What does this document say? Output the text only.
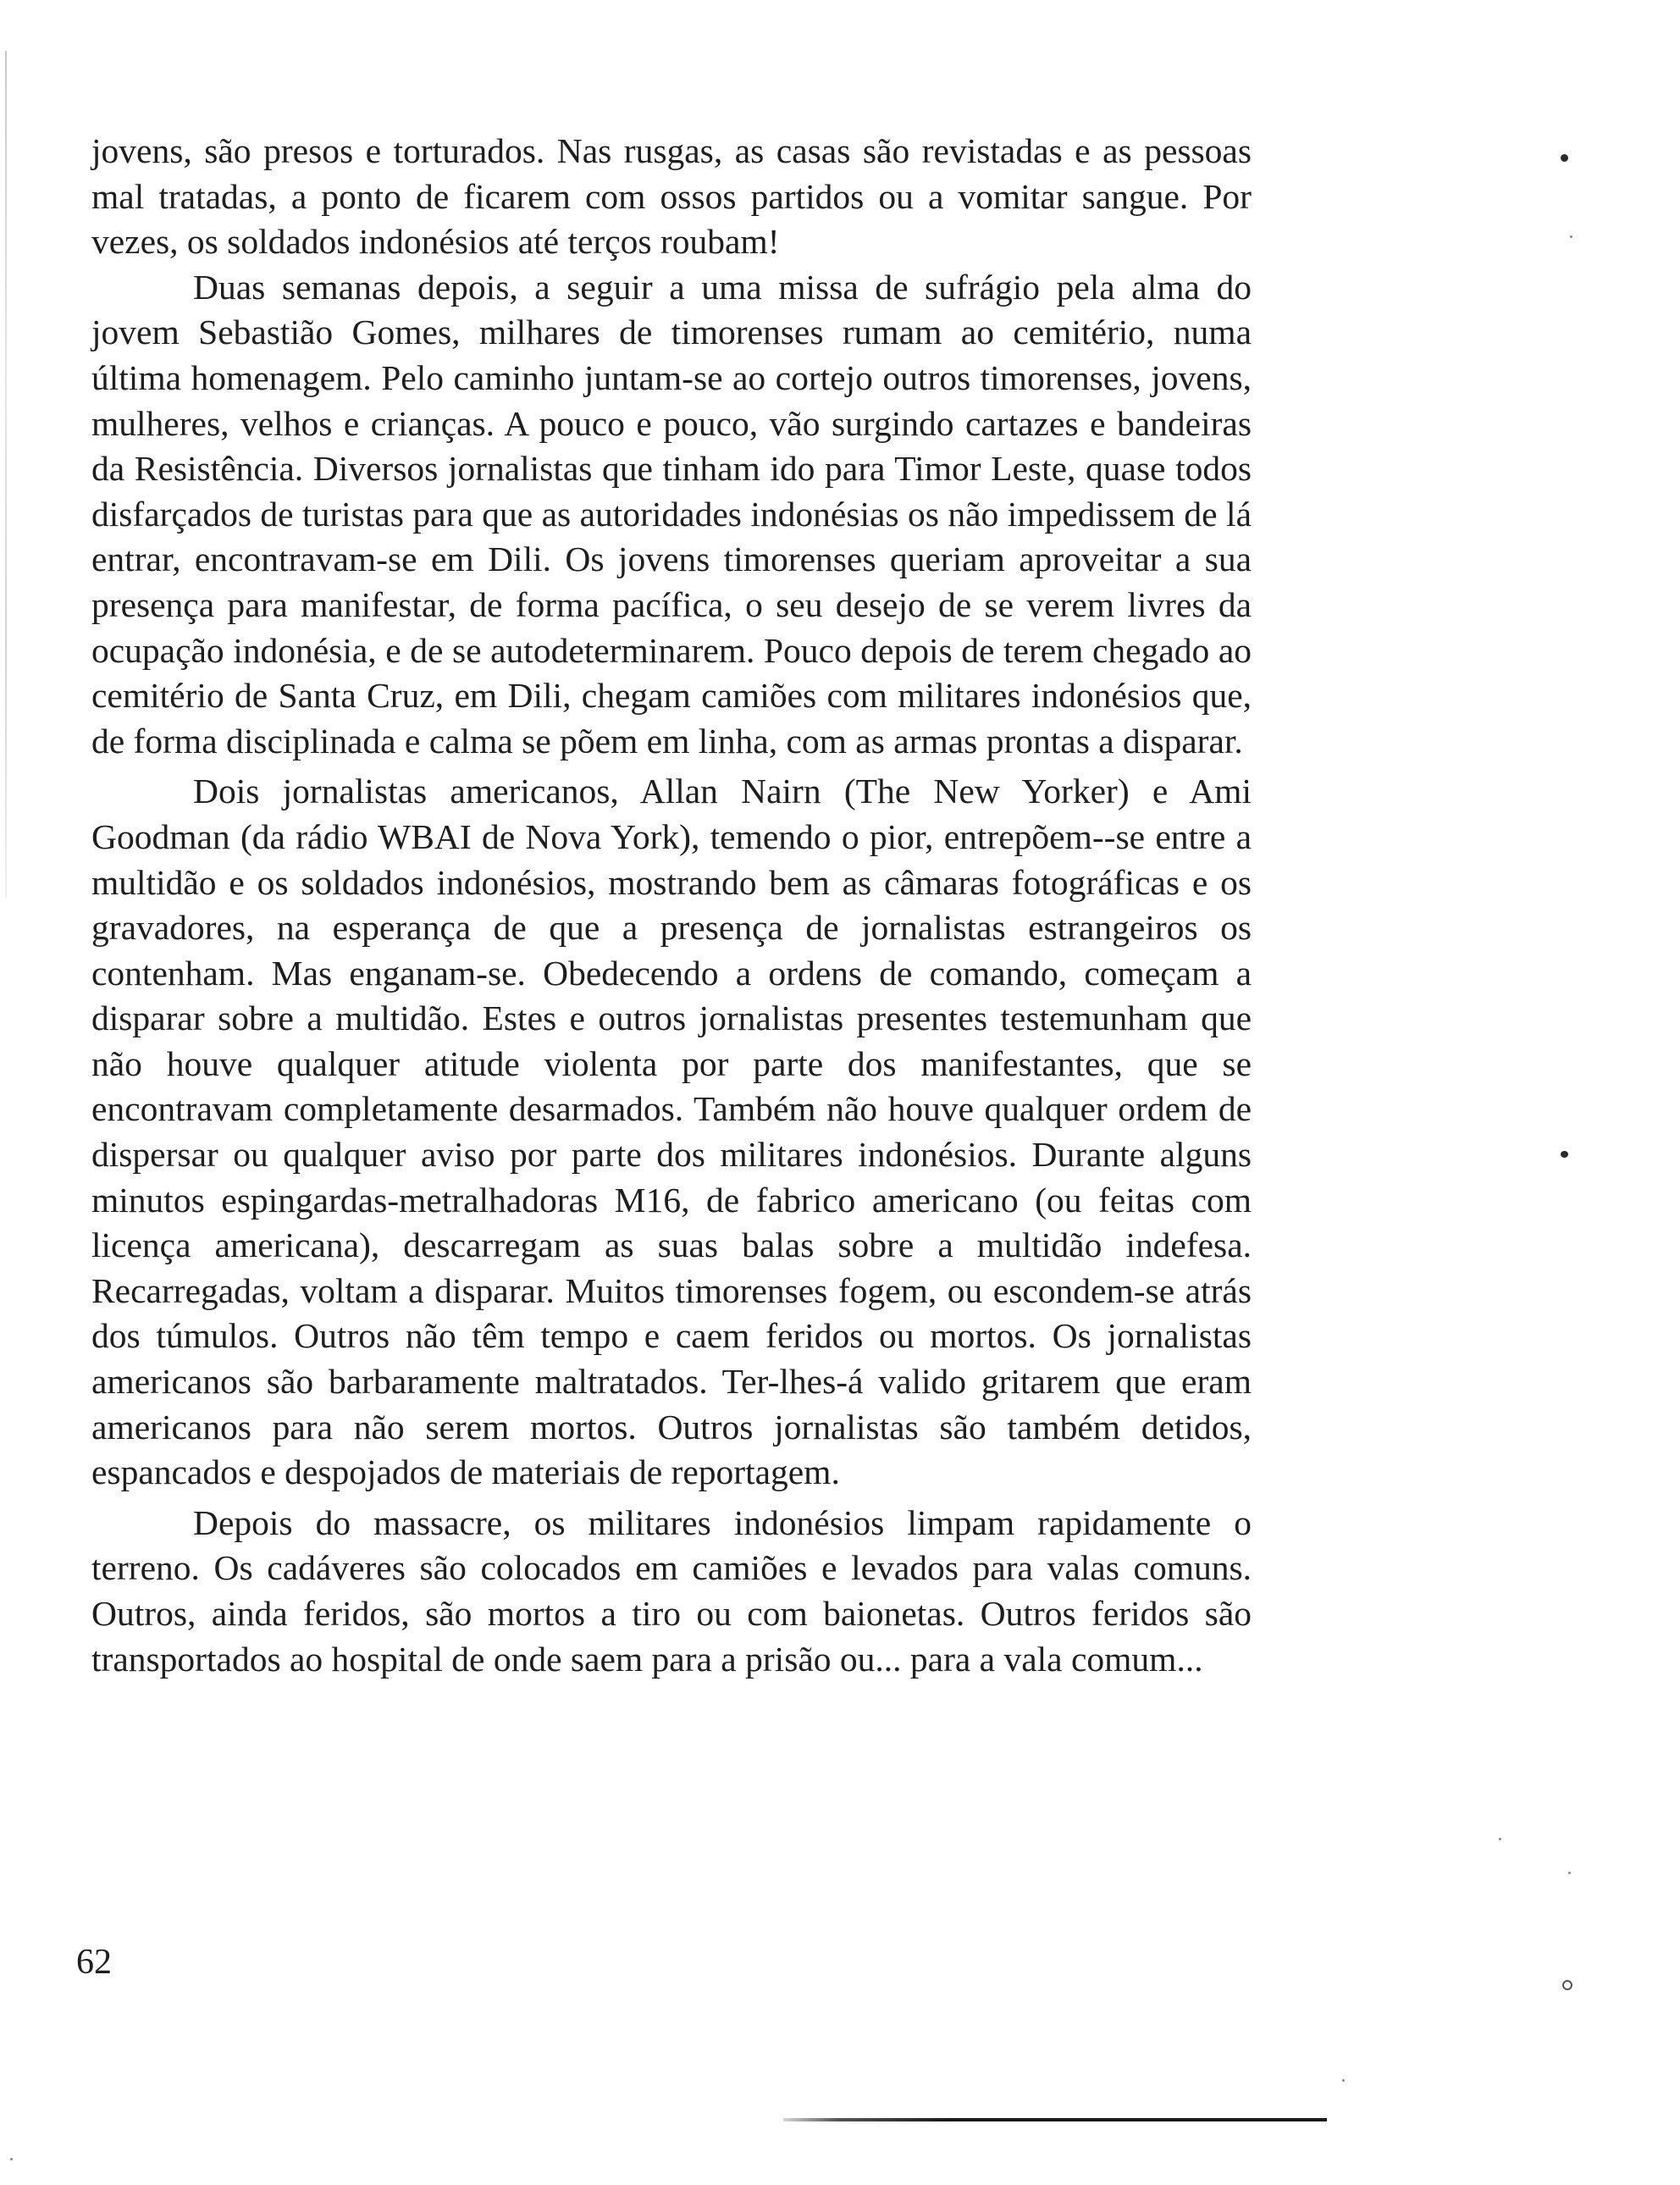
jovens, são presos e torturados. Nas rusgas, as casas são revistadas e as pessoas mal tratadas, a ponto de ficarem com ossos partidos ou a vomitar sangue. Por vezes, os soldados indonésios até terços roubam!

Duas semanas depois, a seguir a uma missa de sufrágio pela alma do jovem Sebastião Gomes, milhares de timorenses rumam ao cemitério, numa última homenagem. Pelo caminho juntam-se ao cortejo outros timorenses, jovens, mulheres, velhos e crianças. A pouco e pouco, vão surgindo cartazes e bandeiras da Resistência. Diversos jornalistas que tinham ido para Timor Leste, quase todos disfarçados de turistas para que as autoridades indonésias os não impedissem de lá entrar, encontravam-se em Dili. Os jovens timorenses queriam aproveitar a sua presença para manifestar, de forma pacífica, o seu desejo de se verem livres da ocupação indonésia, e de se autodeterminarem. Pouco depois de terem chegado ao cemitério de Santa Cruz, em Dili, chegam camiões com militares indonésios que, de forma disciplinada e calma se põem em linha, com as armas prontas a disparar.

Dois jornalistas americanos, Allan Nairn (The New Yorker) e Ami Goodman (da rádio WBAI de Nova York), temendo o pior, entrepõem--se entre a multidão e os soldados indonésios, mostrando bem as câmaras fotográficas e os gravadores, na esperança de que a presença de jornalistas estrangeiros os contenham. Mas enganam-se. Obedecendo a ordens de comando, começam a disparar sobre a multidão. Estes e outros jornalistas presentes testemunham que não houve qualquer atitude violenta por parte dos manifestantes, que se encontravam completamente desarmados. Também não houve qualquer ordem de dispersar ou qualquer aviso por parte dos militares indonésios. Durante alguns minutos espingardas-metralhadoras M16, de fabrico americano (ou feitas com licença americana), descarregam as suas balas sobre a multidão indefesa. Recarregadas, voltam a disparar. Muitos timorenses fogem, ou escondem-se atrás dos túmulos. Outros não têm tempo e caem feridos ou mortos. Os jornalistas americanos são barbaramente maltratados. Ter-lhes-á valido gritarem que eram americanos para não serem mortos. Outros jornalistas são também detidos, espancados e despojados de materiais de reportagem.

Depois do massacre, os militares indonésios limpam rapidamente o terreno. Os cadáveres são colocados em camiões e levados para valas comuns. Outros, ainda feridos, são mortos a tiro ou com baionetas. Outros feridos são transportados ao hospital de onde saem para a prisão ou... para a vala comum...

62
